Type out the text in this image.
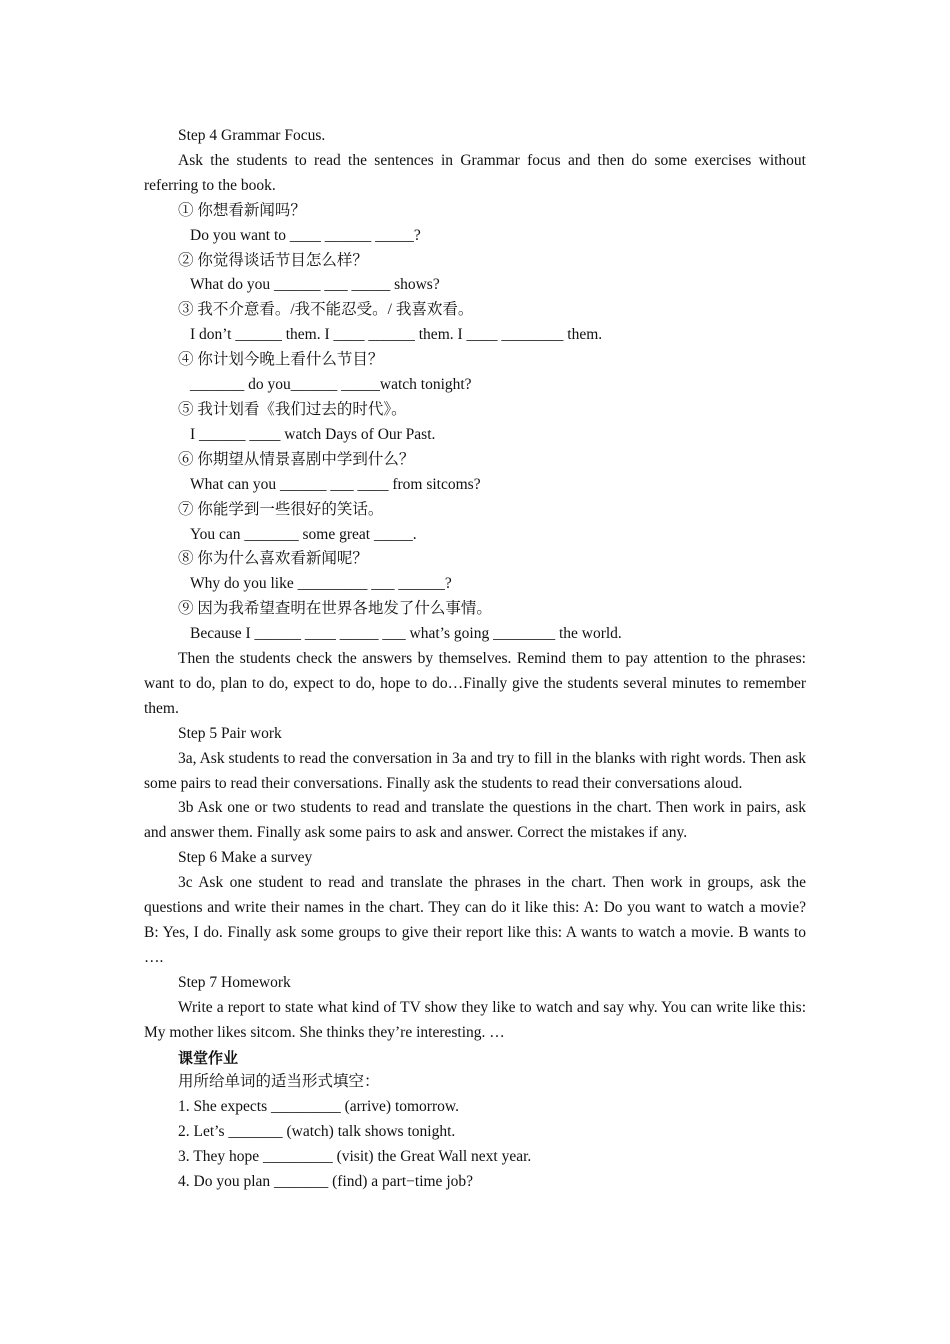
Step 4 Grammar Focus.
Ask the students to read the sentences in Grammar focus and then do some exercises without referring to the book.
① 你想看新闻吗？
Do you want to ____ ______ _____?
② 你觉得谈话节目怎么样？
What do you ______ ___ _____ shows?
③ 我不介意看。/我不能忍受。/ 我喜欢看。
I don’t ______ them. I ____ ______ them. I ____ ________ them.
④ 你计划今晚上看什么节目？
_______ do you______ _____watch tonight?
⑤ 我计划看《我们过去的时代》。
I ______ ____ watch Days of Our Past.
⑥ 你期望从情景喜剧中学到什么？
What can you ______ ___ ____ from sitcoms?
⑦ 你能学到一些很好的笑话。
You can _______ some great _____.
⑧ 你为什么喜欢看新闻呢？
Why do you like _________ ___ ______?
⑨ 因为我希望查明在世界各地发了什么事情。
Because I ______ ____ _____ ___ what’s going ________ the world.
Then the students check the answers by themselves. Remind them to pay attention to the phrases: want to do, plan to do, expect to do, hope to do…Finally give the students several minutes to remember them.
Step 5 Pair work
3a, Ask students to read the conversation in 3a and try to fill in the blanks with right words. Then ask some pairs to read their conversations. Finally ask the students to read their conversations aloud.
3b Ask one or two students to read and translate the questions in the chart. Then work in pairs, ask and answer them. Finally ask some pairs to ask and answer. Correct the mistakes if any.
Step 6 Make a survey
3c Ask one student to read and translate the phrases in the chart. Then work in groups, ask the questions and write their names in the chart. They can do it like this: A: Do you want to watch a movie? B: Yes, I do. Finally ask some groups to give their report like this: A wants to watch a movie. B wants to ….
Step 7 Homework
Write a report to state what kind of TV show they like to watch and say why. You can write like this: My mother likes sitcom. She thinks they’re interesting. …
课堂作业
用所给单词的适当形式填空：
1. She expects _________ (arrive) tomorrow.
2. Let’s _______ (watch) talk shows tonight.
3. They hope _________ (visit) the Great Wall next year.
4. Do you plan _______ (find) a part−time job?
